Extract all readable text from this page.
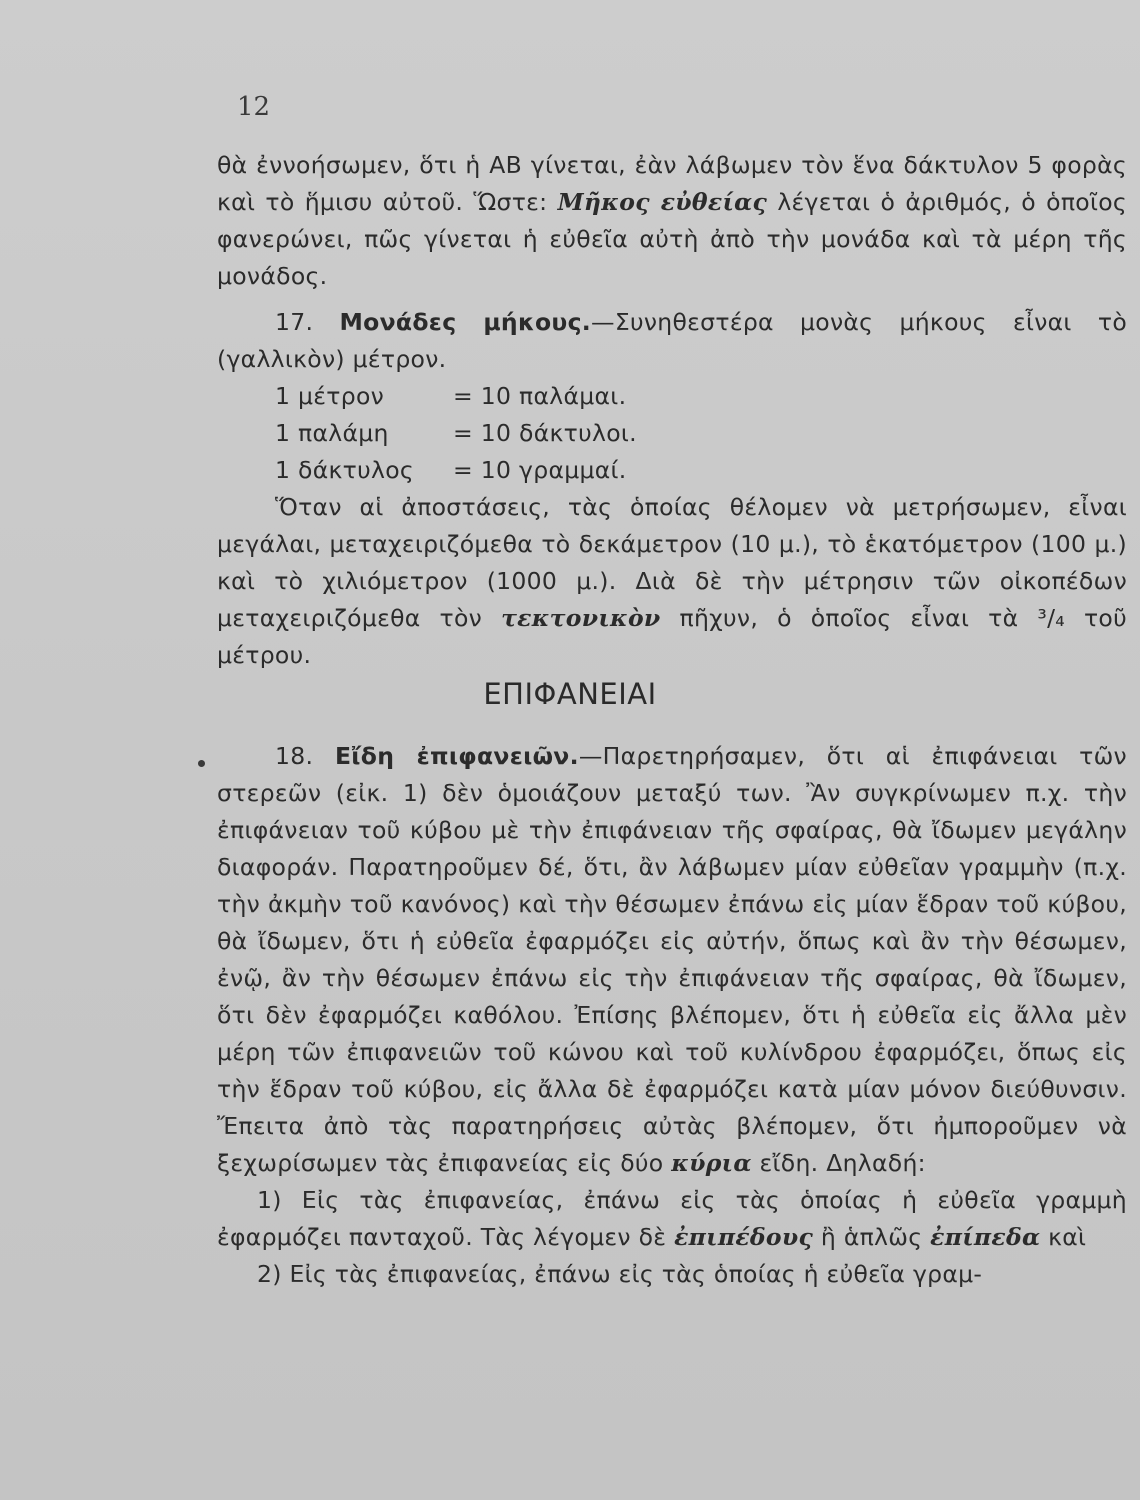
12

θὰ ἐννοήσωμεν, ὅτι ἡ ΑΒ γίνεται, ἐὰν λάβωμεν τὸν ἕνα δάκτυλον 5 φορὰς καὶ τὸ ἥμισυ αὐτοῦ. Ὥστε: Μῆκος εὐθείας λέγεται ὁ ἀριθμός, ὁ ὁποῖος φανερώνει, πῶς γίνεται ἡ εὐθεῖα αὐτὴ ἀπὸ τὴν μονάδα καὶ τὰ μέρη τῆς μονάδος.

17. Μονάδες μήκους.—Συνηθεστέρα μονὰς μήκους εἶναι τὸ (γαλλικὸν) μέτρον.

1 μέτρον	= 10 παλάμαι.
1 παλάμη	= 10 δάκτυλοι.
1 δάκτυλος = 10 γραμμαί.

Ὅταν αἱ ἀποστάσεις, τὰς ὁποίας θέλομεν νὰ μετρήσωμεν, εἶναι μεγάλαι, μεταχειριζόμεθα τὸ δεκάμετρον (10 μ.), τὸ ἑκατόμετρον (100 μ.) καὶ τὸ χιλιόμετρον (1000 μ.). Διὰ δὲ τὴν μέτρησιν τῶν οἰκοπέδων μεταχειριζόμεθα τὸν τεκτονικὸν πῆχυν, ὁ ὁποῖος εἶναι τὰ ³/₄ τοῦ μέτρου.

ΕΠΙΦΑΝΕΙΑΙ

18. Εἴδη ἐπιφανειῶν.—Παρετηρήσαμεν, ὅτι αἱ ἐπιφάνειαι τῶν στερεῶν (εἰκ. 1) δὲν ὁμοιάζουν μεταξύ των. Ἂν συγκρίνωμεν π.χ. τὴν ἐπιφάνειαν τοῦ κύβου μὲ τὴν ἐπιφάνειαν τῆς σφαίρας, θὰ ἴδωμεν μεγάλην διαφοράν. Παρατηροῦμεν δέ, ὅτι, ἂν λάβωμεν μίαν εὐθεῖαν γραμμὴν (π.χ. τὴν ἀκμὴν τοῦ κανόνος) καὶ τὴν θέσωμεν ἐπάνω εἰς μίαν ἕδραν τοῦ κύβου, θὰ ἴδωμεν, ὅτι ἡ εὐθεῖα ἐφαρμόζει εἰς αὐτήν, ὅπως καὶ ἂν τὴν θέσωμεν, ἐνῷ, ἂν τὴν θέσωμεν ἐπάνω εἰς τὴν ἐπιφάνειαν τῆς σφαίρας, θὰ ἴδωμεν, ὅτι δὲν ἐφαρμόζει καθόλου. Ἐπίσης βλέπομεν, ὅτι ἡ εὐθεῖα εἰς ἄλλα μὲν μέρη τῶν ἐπιφανειῶν τοῦ κώνου καὶ τοῦ κυλίνδρου ἐφαρμόζει, ὅπως εἰς τὴν ἕδραν τοῦ κύβου, εἰς ἄλλα δὲ ἐφαρμόζει κατὰ μίαν μόνον διεύθυνσιν. Ἔπειτα ἀπὸ τὰς παρατηρήσεις αὐτὰς βλέπομεν, ὅτι ἠμποροῦμεν νὰ ξεχωρίσωμεν τὰς ἐπιφανείας εἰς δύο κύρια εἴδη. Δηλαδή:

1) Εἰς τὰς ἐπιφανείας, ἐπάνω εἰς τὰς ὁποίας ἡ εὐθεῖα γραμμὴ ἐφαρμόζει πανταχοῦ. Τὰς λέγομεν δὲ ἐπιπέδους ἢ ἁπλῶς ἐπίπεδα καὶ

2) Εἰς τὰς ἐπιφανείας, ἐπάνω εἰς τὰς ὁποίας ἡ εὐθεῖα γραμ-
